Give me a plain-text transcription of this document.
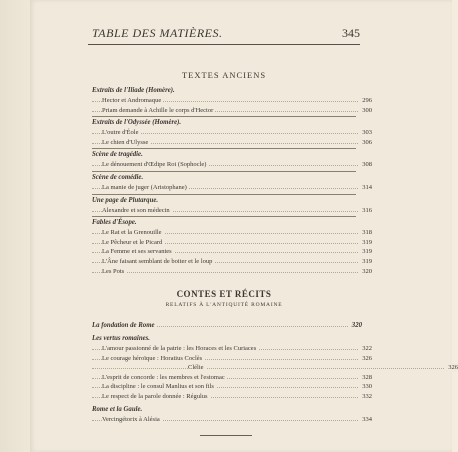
TABLE DES MATIÈRES.	345
TEXTES ANCIENS
Extraits de l'Iliade (Homère).
Hector et Andromaque	296
Priam demande à Achille le corps d'Hector	300
Extraits de l'Odyssée (Homère).
L'outre d'Éole	303
Le chien d'Ulysse	306
Scène de tragédie.
Le dénouement d'Œdipe Roi (Sophocle)	308
Scène de comédie.
La manie de juger (Aristophane)	314
Une page de Plutarque.
Alexandre et son médecin	316
Fables d'Ésope.
Le Rat et la Grenouille	318
Le Pêcheur et le Picard	319
La Femme et ses servantes	319
L'Âne faisant semblant de boiter et le loup	319
Les Pots	320
CONTES ET RÉCITS
RELATIFS À L'ANTIQUITÉ ROMAINE
La fondation de Rome	320
Les vertus romaines.
L'amour passionné de la patrie : les Horaces et les Curiaces	322
Le courage héroïque : Horatius Coclès	326
Clélie	326
L'esprit de concorde : les membres et l'estomac	328
La discipline : le consul Manlius et son fils	330
Le respect de la parole donnée : Régulus	332
Rome et la Gaule.
Vercingétorix à Alésia	334
